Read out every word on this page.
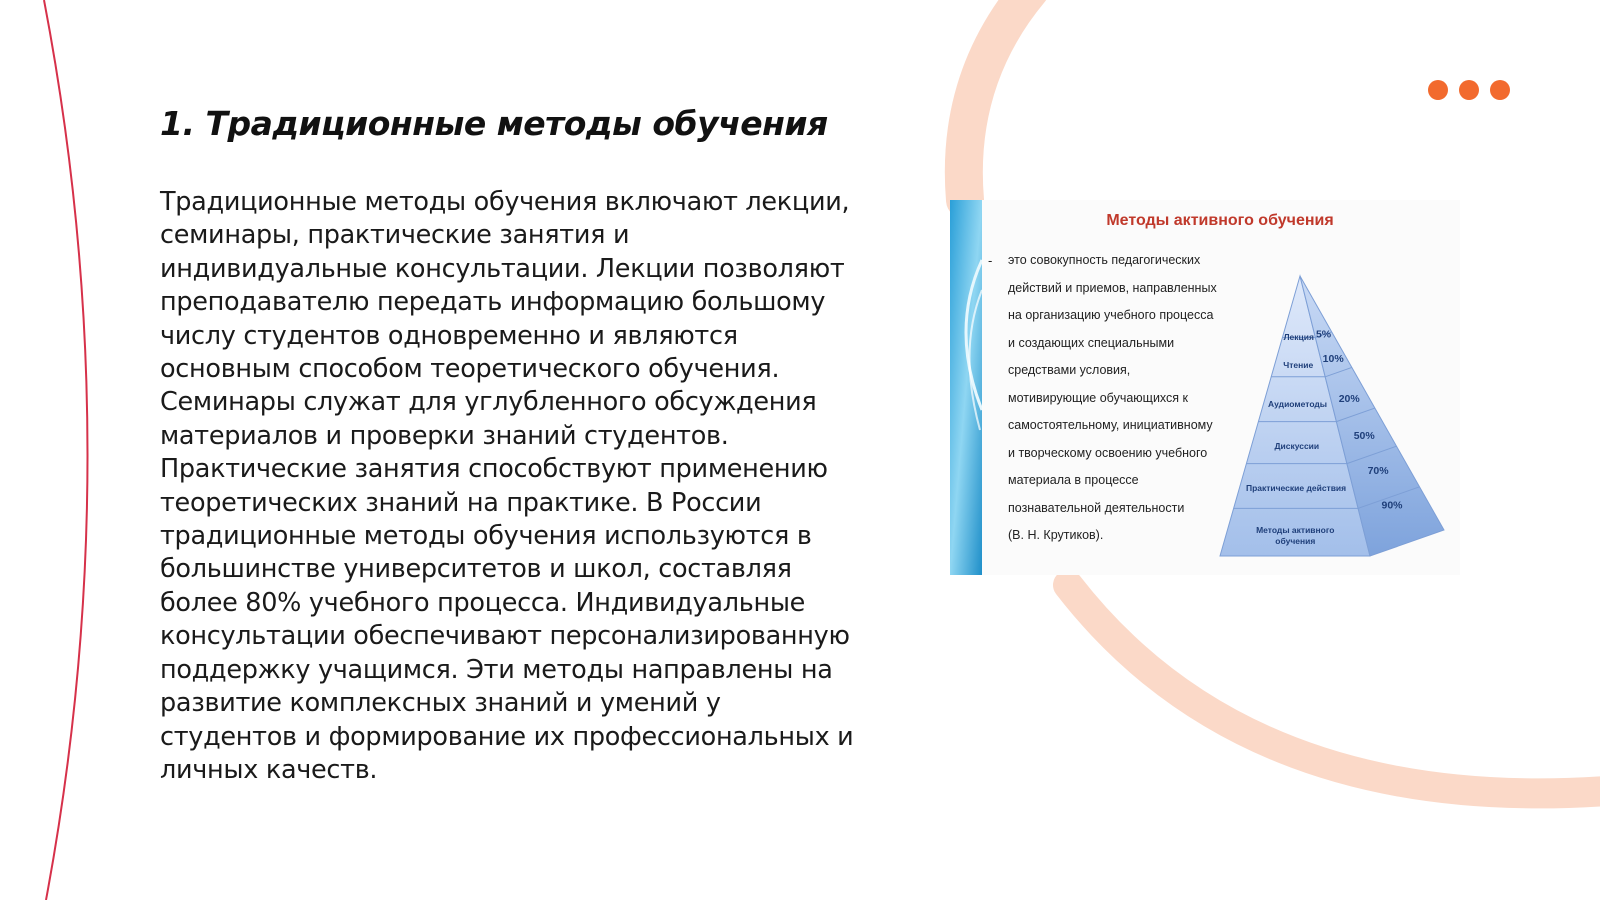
1. Традиционные методы обучения

Традиционные методы обучения включают лекции, семинары, практические занятия и индивидуальные консультации. Лекции позволяют преподавателю передать информацию большому числу студентов одновременно и являются основным способом теоретического обучения. Семинары служат для углубленного обсуждения материалов и проверки знаний студентов. Практические занятия способствуют применению теоретических знаний на практике. В России традиционные методы обучения используются в большинстве университетов и школ, составляя более 80% учебного процесса. Индивидуальные консультации обеспечивают персонализированную поддержку учащимся. Эти методы направлены на развитие комплексных знаний и умений у студентов и формирование их профессиональных и личных качеств.

Методы активного обучения
- это совокупность педагогических
действий и приемов, направленных
на организацию учебного процесса
и создающих специальными
средствами условия,
мотивирующие обучающихся к
самостоятельному, инициативному
и творческому освоению учебного
материала в процессе
познавательной деятельности
(В. Н. Крутиков).
Лекция 5%
Чтение
10%
Аудиометоды 20%
Дискуссии
50%
Практические действия
70%
Методы активного
обучения
90%
